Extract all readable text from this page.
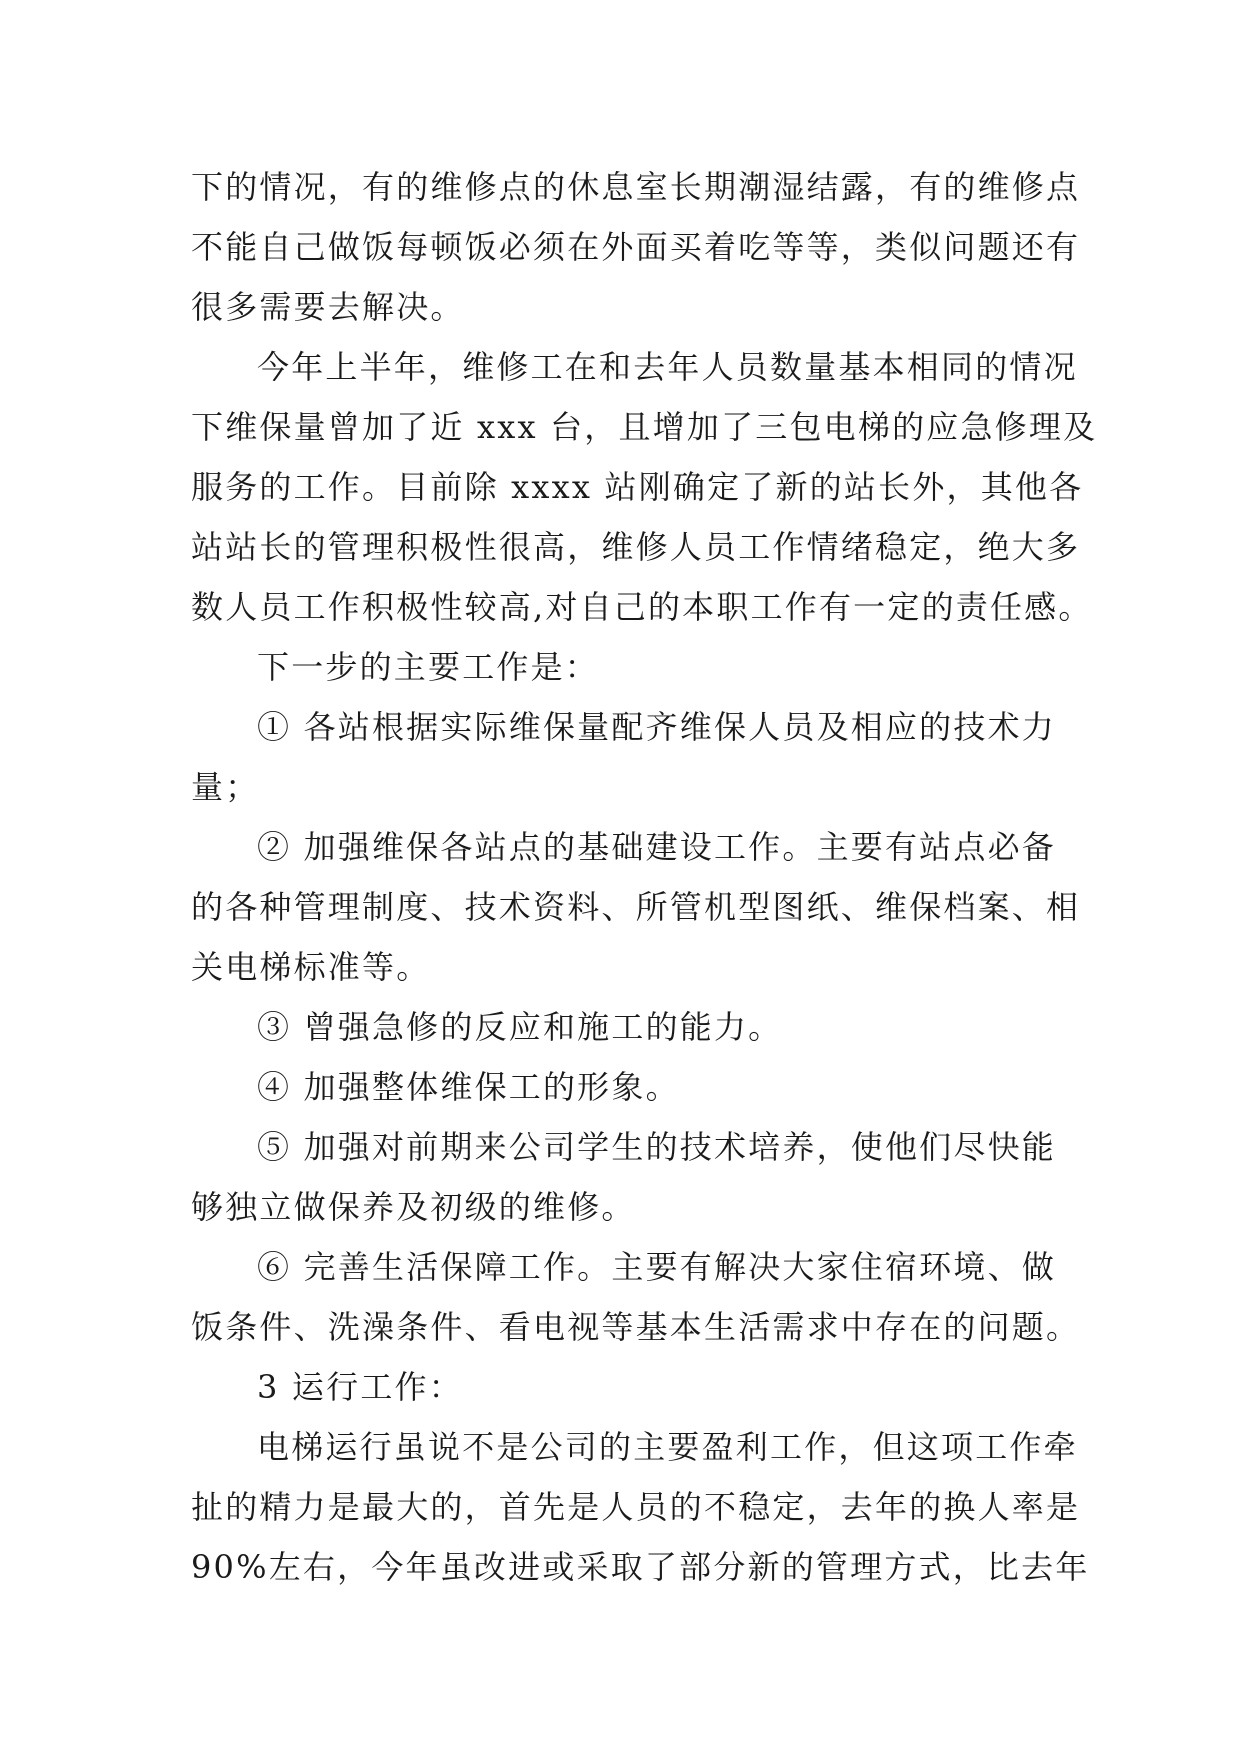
下的情况，有的维修点的休息室长期潮湿结露，有的维修点
不能自己做饭每顿饭必须在外面买着吃等等，类似问题还有
很多需要去解决。
今年上半年，维修工在和去年人员数量基本相同的情况
下维保量曾加了近 xxx 台，且增加了三包电梯的应急修理及
服务的工作。目前除 xxxx 站刚确定了新的站长外，其他各
站站长的管理积极性很高，维修人员工作情绪稳定，绝大多
数人员工作积极性较高,对自己的本职工作有一定的责任感。
下一步的主要工作是：
① 各站根据实际维保量配齐维保人员及相应的技术力
量；
② 加强维保各站点的基础建设工作。主要有站点必备
的各种管理制度、技术资料、所管机型图纸、维保档案、相
关电梯标准等。
③ 曾强急修的反应和施工的能力。
④ 加强整体维保工的形象。
⑤ 加强对前期来公司学生的技术培养，使他们尽快能
够独立做保养及初级的维修。
⑥ 完善生活保障工作。主要有解决大家住宿环境、做
饭条件、洗澡条件、看电视等基本生活需求中存在的问题。
3 运行工作：
电梯运行虽说不是公司的主要盈利工作，但这项工作牵
扯的精力是最大的，首先是人员的不稳定，去年的换人率是
90%左右，今年虽改进或采取了部分新的管理方式，比去年
